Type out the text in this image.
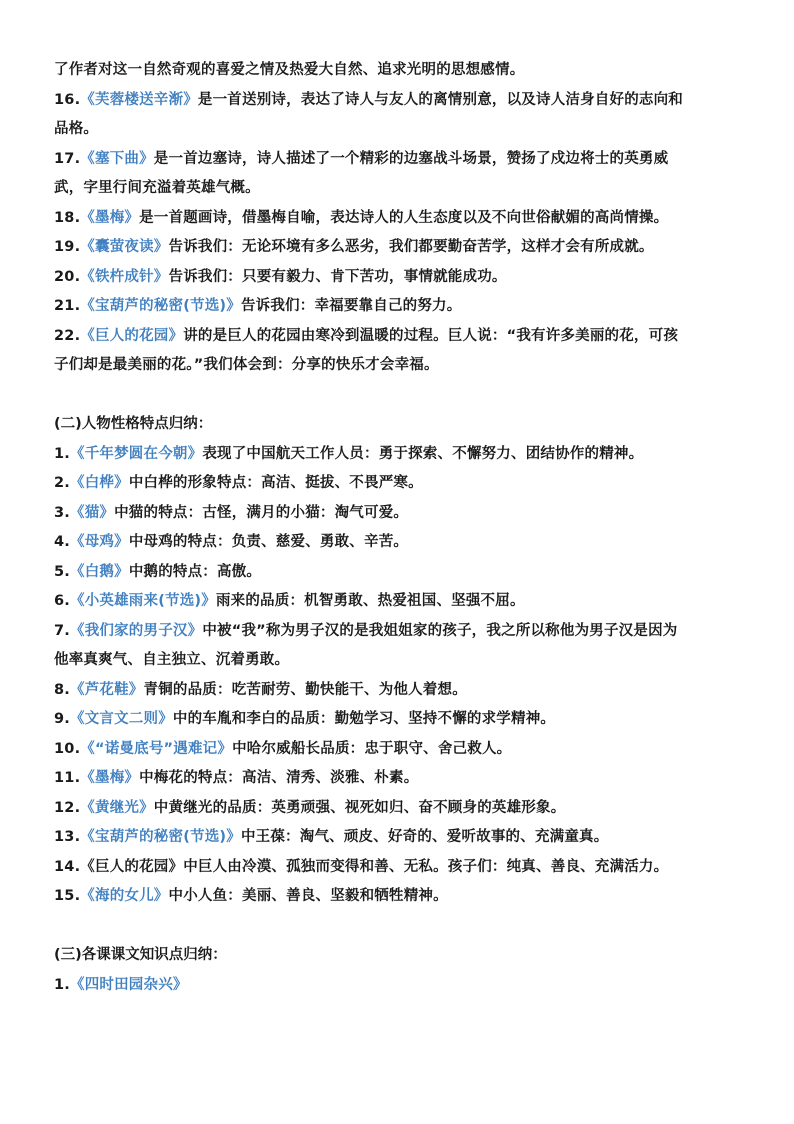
了作者对这一自然奇观的喜爱之情及热爱大自然、追求光明的思想感情。
16.《芙蓉楼送辛渐》是一首送别诗，表达了诗人与友人的离情别意，以及诗人洁身自好的志向和
品格。
17.《塞下曲》是一首边塞诗，诗人描述了一个精彩的边塞战斗场景，赞扬了戍边将士的英勇威
武，字里行间充溢着英雄气概。
18.《墨梅》是一首题画诗，借墨梅自喻，表达诗人的人生态度以及不向世俗献媚的高尚情操。
19.《囊萤夜读》告诉我们：无论环境有多么恶劣，我们都要勤奋苦学，这样才会有所成就。
20.《铁杵成针》告诉我们：只要有毅力、肯下苦功，事情就能成功。
21.《宝葫芦的秘密(节选)》告诉我们：幸福要靠自己的努力。
22.《巨人的花园》讲的是巨人的花园由寒冷到温暖的过程。巨人说：“我有许多美丽的花，可孩
子们却是最美丽的花。”我们体会到：分享的快乐才会幸福。
(二)人物性格特点归纳：
1.《千年梦圆在今朝》表现了中国航天工作人员：勇于探索、不懈努力、团结协作的精神。
2.《白桦》中白桦的形象特点：高洁、挺拔、不畏严寒。
3.《猫》中猫的特点：古怪，满月的小猫：淘气可爱。
4.《母鸡》中母鸡的特点：负责、慈爱、勇敢、辛苦。
5.《白鹅》中鹅的特点：高傲。
6.《小英雄雨来(节选)》雨来的品质：机智勇敢、热爱祖国、坚强不屈。
7.《我们家的男子汉》中被“我”称为男子汉的是我姐姐家的孩子，我之所以称他为男子汉是因为
他率真爽气、自主独立、沉着勇敢。
8.《芦花鞋》青铜的品质：吃苦耐劳、勤快能干、为他人着想。
9.《文言文二则》中的车胤和李白的品质：勤勉学习、坚持不懈的求学精神。
10.《“诺曼底号”遇难记》中哈尔威船长品质：忠于职守、舍己救人。
11.《墨梅》中梅花的特点：高洁、清秀、淡雅、朴素。
12.《黄继光》中黄继光的品质：英勇顽强、视死如归、奋不顾身的英雄形象。
13.《宝葫芦的秘密(节选)》中王葆：淘气、顽皮、好奇的、爱听故事的、充满童真。
14.《巨人的花园》中巨人由冷漠、孤独而变得和善、无私。孩子们：纯真、善良、充满活力。
15.《海的女儿》中小人鱼：美丽、善良、坚毅和牺牲精神。
(三)各课课文知识点归纳：
1.《四时田园杂兴》
